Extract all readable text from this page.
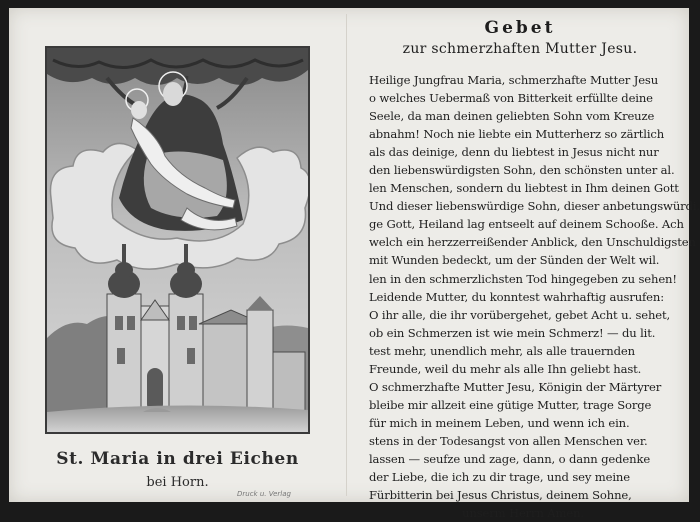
St. Maria in drei Eichen
bei Horn.
Druck u. Verlag
Gebet
zur schmerzhaften Mutter Jesu.
Heilige Jungfrau Maria, schmerzhafte Mutter Jesu
o welches Uebermaß von Bitterkeit erfüllte deine
Seele, da man deinen geliebten Sohn vom Kreuze
abnahm! Noch nie liebte ein Mutterherz so zärtlich
als das deinige, denn du liebtest in Jesus nicht nur
den liebenswürdigsten Sohn, den schönsten unter al.
len Menschen, sondern du liebtest in Ihm deinen Gott
Und dieser liebenswürdige Sohn, dieser anbetungswürdi.
ge Gott, Heiland lag entseelt auf deinem Schooße. Ach
welch ein herzzerreißender Anblick, den Unschuldigsten
mit Wunden bedeckt, um der Sünden der Welt wil.
len in den schmerzlichsten Tod hingegeben zu sehen!
Leidende Mutter, du konntest wahrhaftig ausrufen:
O ihr alle, die ihr vorübergehet, gebet Acht u. sehet,
ob ein Schmerzen ist wie mein Schmerz! — du lit.
test mehr, unendlich mehr, als alle trauernden
Freunde, weil du mehr als alle Ihn geliebt hast.
O schmerzhafte Mutter Jesu, Königin der Märtyrer
bleibe mir allzeit eine gütige Mutter, trage Sorge
für mich in meinem Leben, und wenn ich ein.
stens in der Todesangst von allen Menschen ver.
lassen — seufze und zage, dann, o dann gedenke
der Liebe, die ich zu dir trage, und sey meine
Fürbitterin bei Jesus Christus, deinem Sohne,
unserm Herrn Amen.
